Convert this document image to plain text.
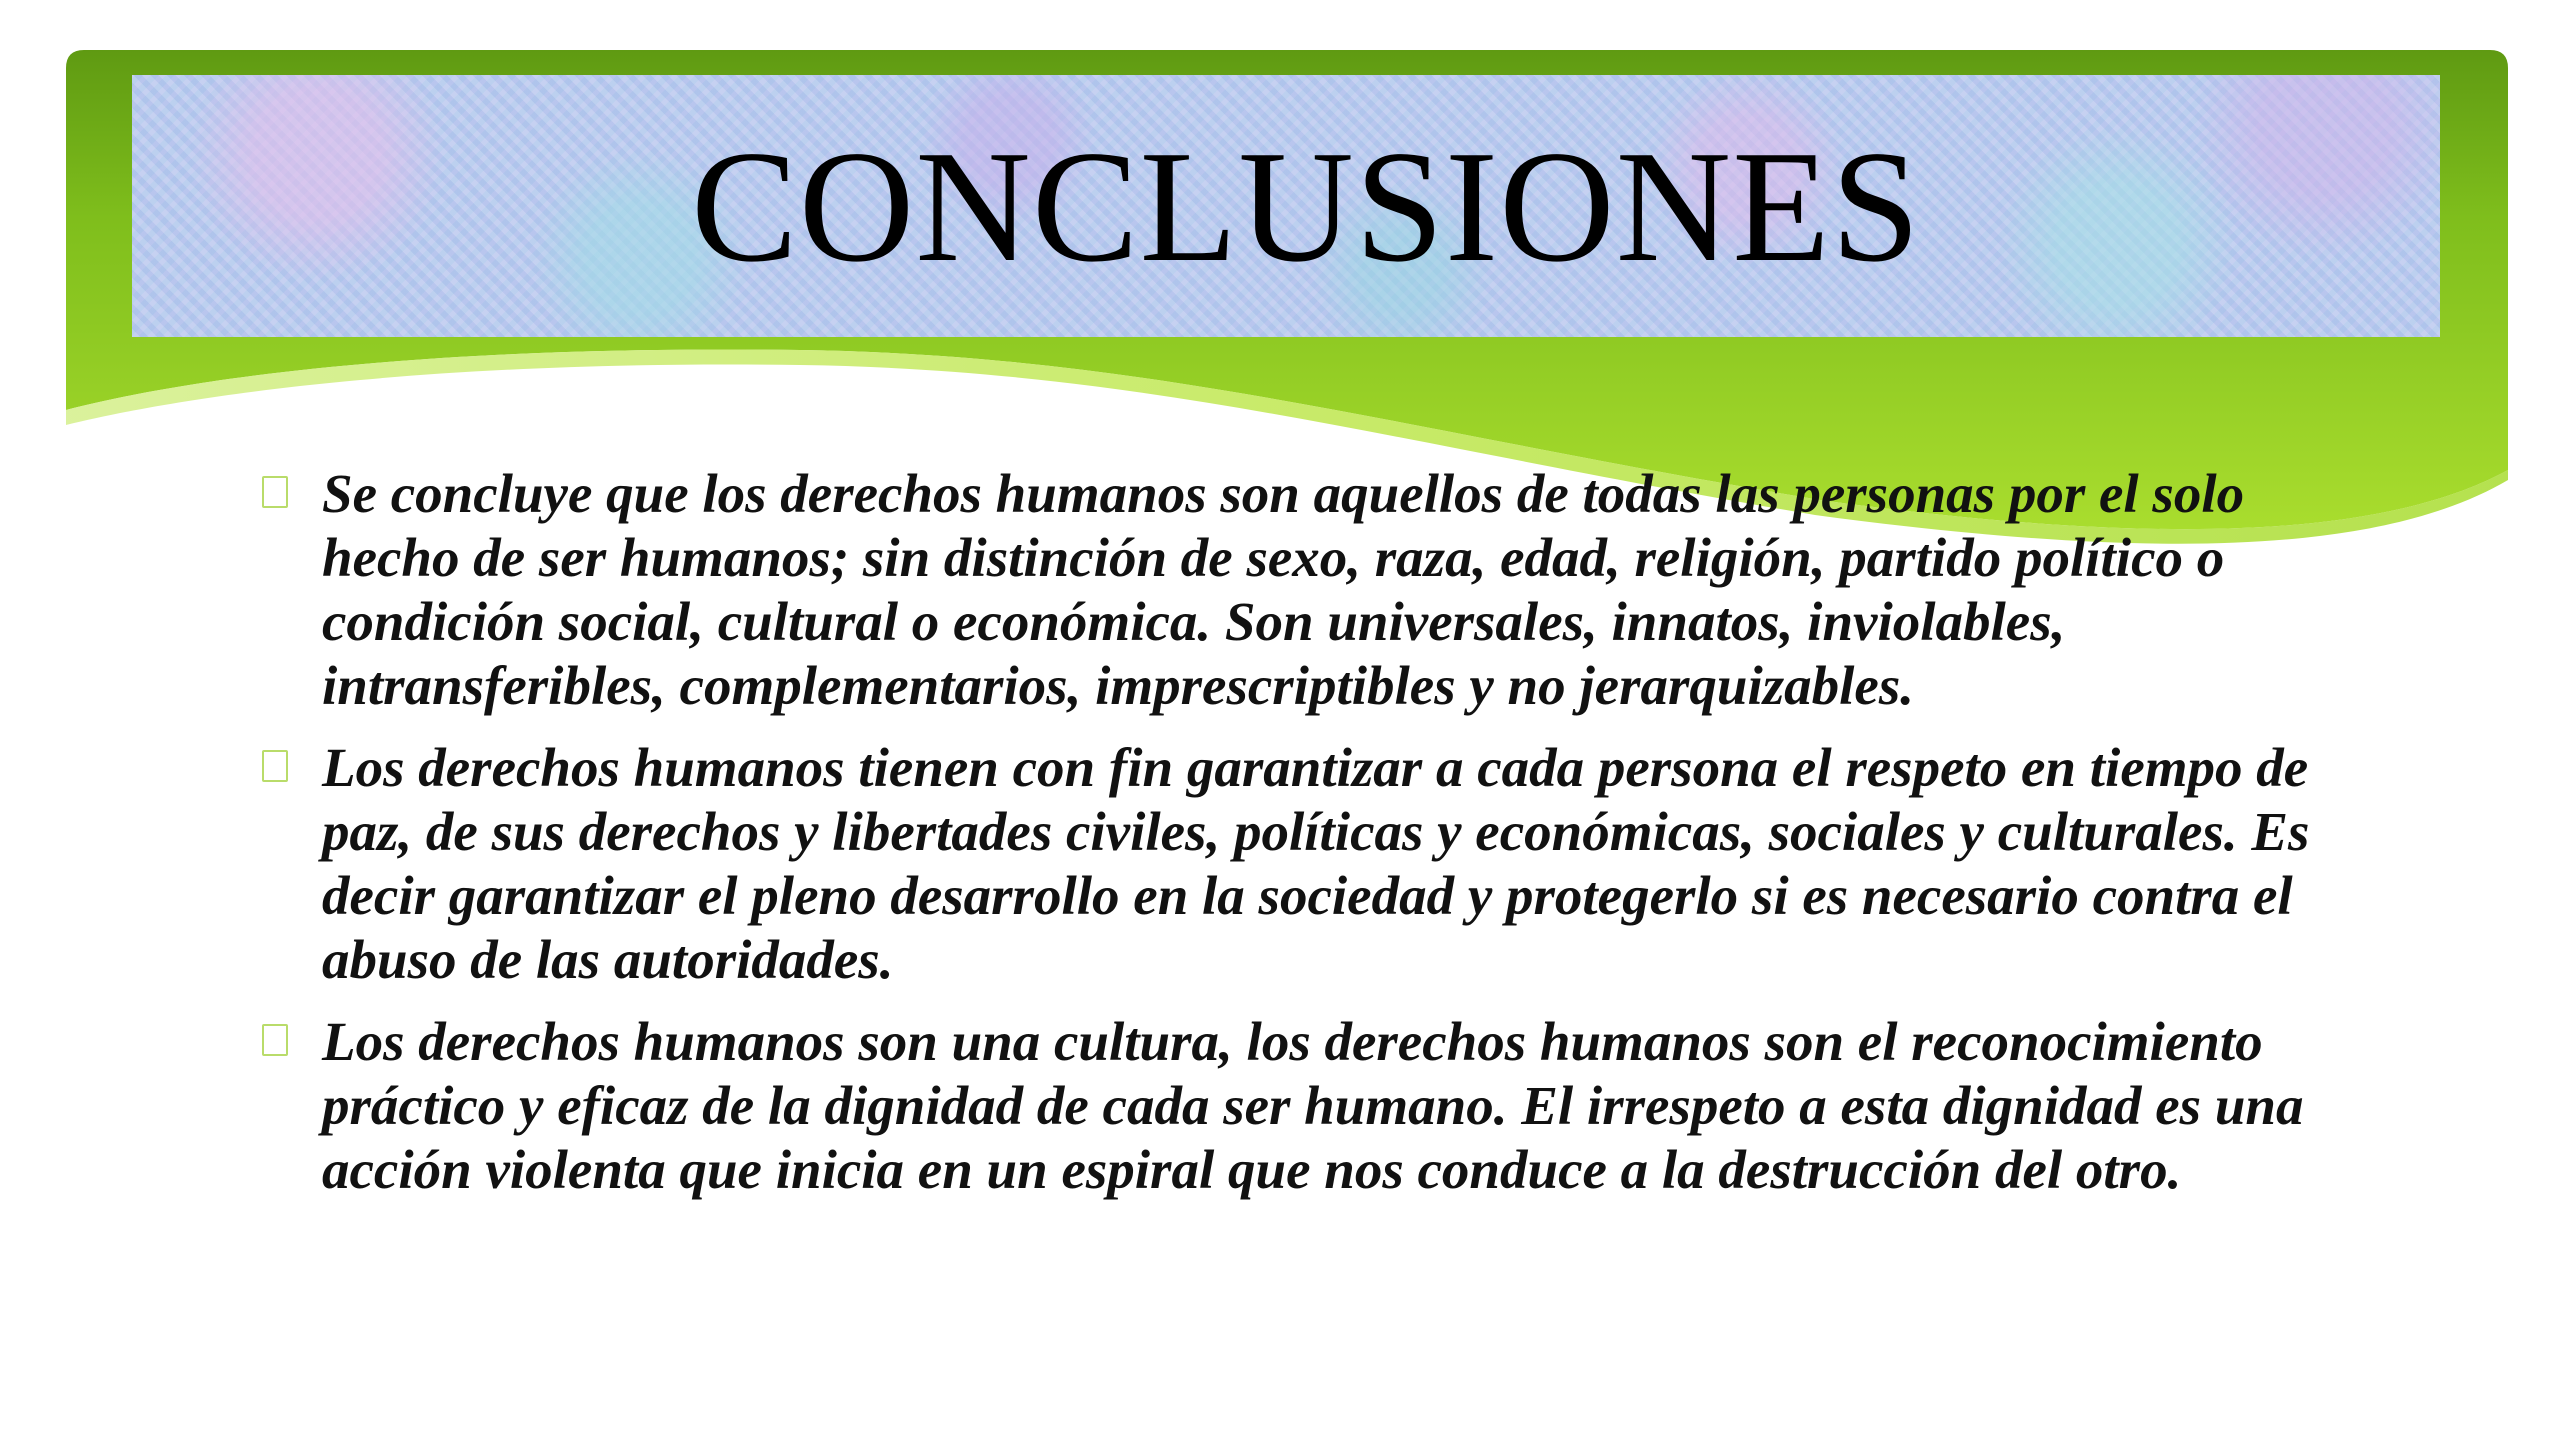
CONCLUSIONES
Se concluye que los derechos humanos son aquellos de todas las personas por el solo hecho de ser humanos; sin distinción de sexo, raza, edad, religión, partido político o condición social, cultural o económica. Son universales, innatos, inviolables, intransferibles, complementarios, imprescriptibles y no jerarquizables.
Los derechos humanos tienen con fin garantizar a cada persona el respeto en tiempo de paz, de sus derechos y libertades civiles, políticas y económicas, sociales y culturales. Es decir garantizar el pleno desarrollo en la sociedad y protegerlo si es necesario contra el abuso de las autoridades.
Los derechos humanos son una cultura, los derechos humanos son el reconocimiento práctico y eficaz de la dignidad de cada ser humano. El irrespeto a esta dignidad es una acción violenta que inicia en un espiral que nos conduce a la destrucción del otro.
